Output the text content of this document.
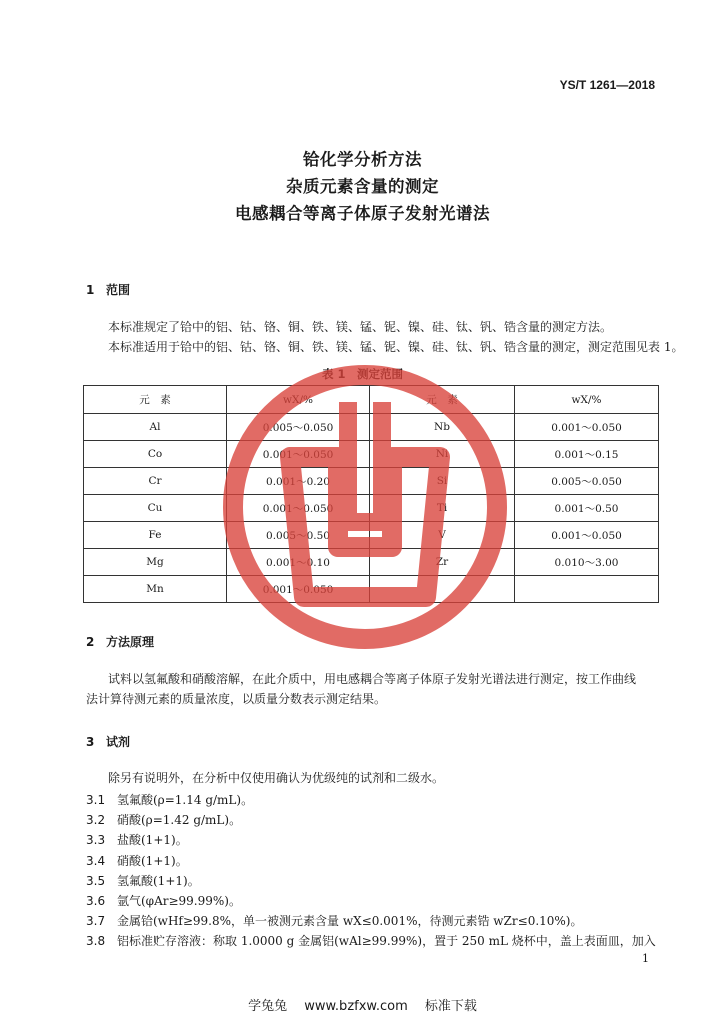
YS/T 1261—2018
铪化学分析方法
杂质元素含量的测定
电感耦合等离子体原子发射光谱法
1 范围
本标准规定了铪中的铝、钴、铬、铜、铁、镁、锰、铌、镍、硅、钛、钒、锆含量的测定方法。
本标准适用于铪中的铝、钴、铬、铜、铁、镁、锰、铌、镍、硅、钛、钒、锆含量的测定，测定范围见表 1。
表 1　测定范围
元　素	wX/%	元　素	wX/%
Al	0.005～0.050	Nb	0.001～0.050
Co	0.001～0.050	Ni	0.001～0.15
Cr	0.001～0.20	Si	0.005～0.050
Cu	0.001～0.050	Ti	0.001～0.50
Fe	0.005～0.50	V	0.001～0.050
Mg	0.001～0.10	Zr	0.010～3.00
Mn	0.001～0.050		
2 方法原理
试料以氢氟酸和硝酸溶解，在此介质中，用电感耦合等离子体原子发射光谱法进行测定，按工作曲线
法计算待测元素的质量浓度，以质量分数表示测定结果。
3 试剂
除另有说明外，在分析中仅使用确认为优级纯的试剂和二级水。
3.1 氢氟酸(ρ=1.14 g/mL)。
3.2 硝酸(ρ=1.42 g/mL)。
3.3 盐酸(1+1)。
3.4 硝酸(1+1)。
3.5 氢氟酸(1+1)。
3.6 氩气(φAr≥99.99%)。
3.7 金属铪(wHf≥99.8%，单一被测元素含量 wX≤0.001%，待测元素锆 wZr≤0.10%)。
3.8 铝标准贮存溶液：称取 1.0000 g 金属铝(wAl≥99.99%)，置于 250 mL 烧杯中，盖上表面皿，加入
1
学兔兔　 www.bzfxw.com 　标准下载
